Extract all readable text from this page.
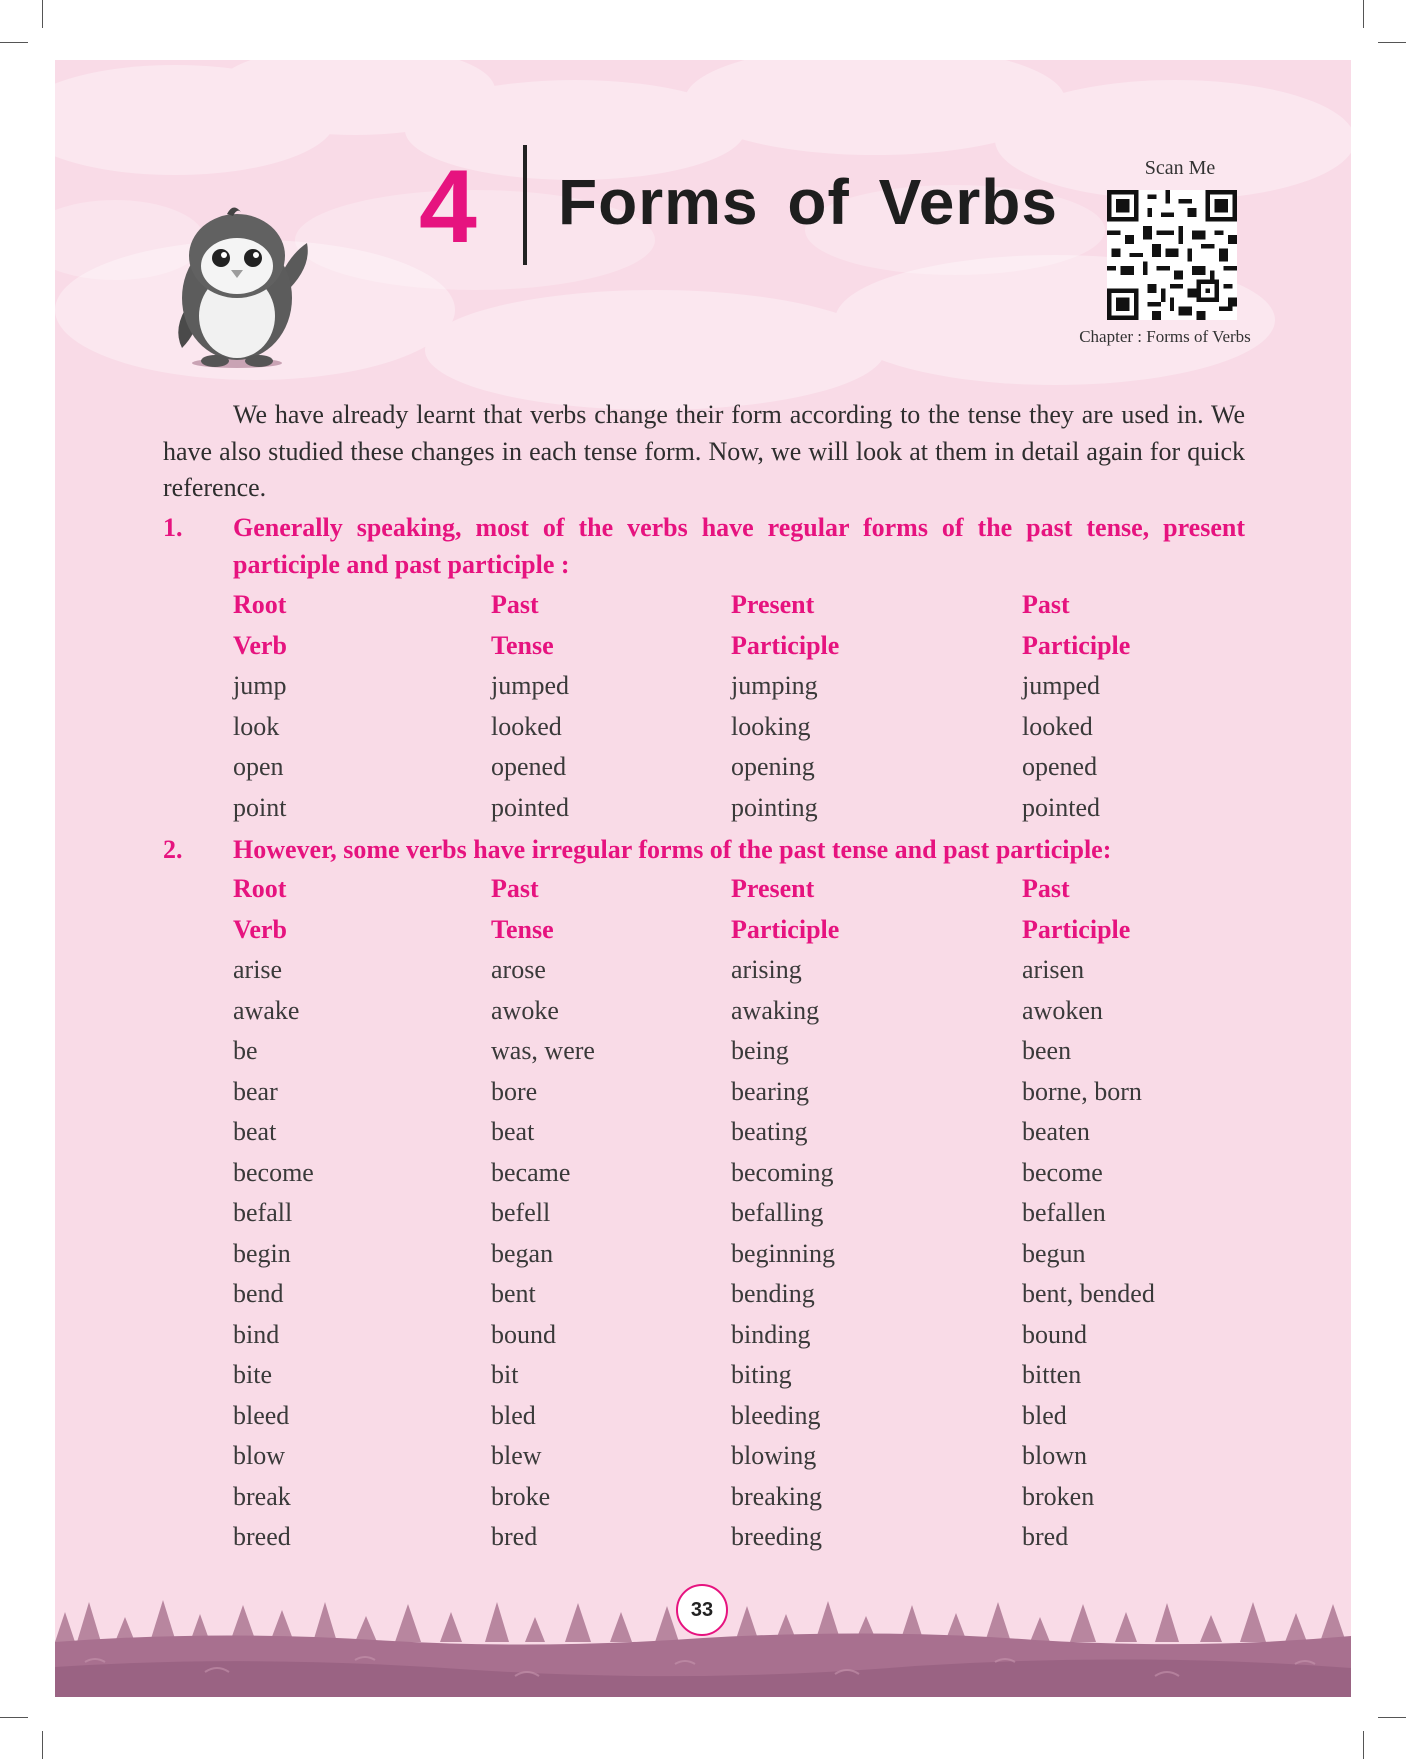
4 Forms of Verbs	Scan Me
Chapter : Forms of Verbs
We have already learnt that verbs change their form according to the tense they are used in. We have also studied these changes in each tense form. Now, we will look at them in detail again for quick reference.
1. Generally speaking, most of the verbs have regular forms of the past tense, present participle and past participle :
Root	Past	Present	Past
Verb	Tense	Participle	Participle
jump	jumped	jumping	jumped
look	looked	looking	looked
open	opened	opening	opened
point	pointed	pointing	pointed
2. However, some verbs have irregular forms of the past tense and past participle:
Root	Past	Present	Past
Verb	Tense	Participle	Participle
arise	arose	arising	arisen
awake	awoke	awaking	awoken
be	was, were	being	been
bear	bore	bearing	borne, born
beat	beat	beating	beaten
become	became	becoming	become
befall	befell	befalling	befallen
begin	began	beginning	begun
bend	bent	bending	bent, bended
bind	bound	binding	bound
bite	bit	biting	bitten
bleed	bled	bleeding	bled
blow	blew	blowing	blown
break	broke	breaking	broken
breed	bred	breeding	bred
33
